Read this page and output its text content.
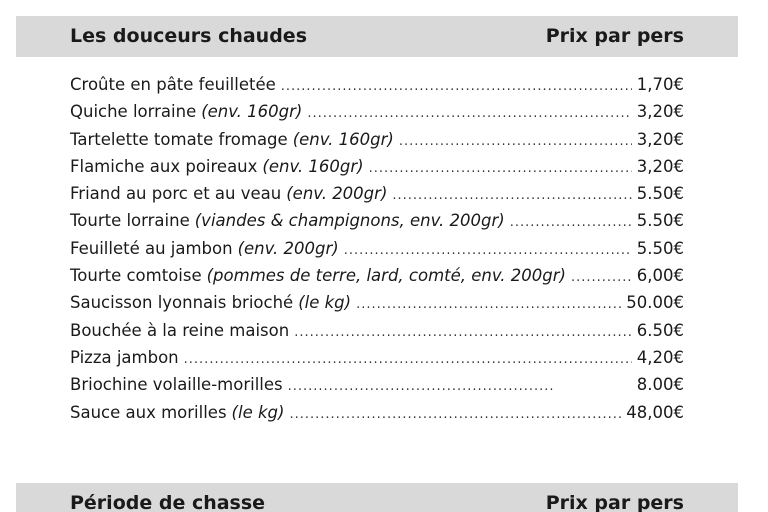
Les douceurs chaudes	Prix par pers
Croûte en pâte feuilletée .....	1,70€
Quiche lorraine (env. 160gr) .....	3,20€
Tartelette tomate fromage (env. 160gr) .....	3,20€
Flamiche aux poireaux (env. 160gr) .....	3,20€
Friand au porc et au veau (env. 200gr) .....	5.50€
Tourte lorraine (viandes & champignons, env. 200gr) .....	5.50€
Feuilleté au jambon (env. 200gr) .....	5.50€
Tourte comtoise (pommes de terre, lard, comté, env. 200gr) .....	6,00€
Saucisson lyonnais brioché (le kg) .....	50.00€
Bouchée à la reine maison .....	6.50€
Pizza jambon .....	4,20€
Briochine volaille-morilles .....	8.00€
Sauce aux morilles (le kg) .....	48,00€
Période de chasse	Prix par pers
